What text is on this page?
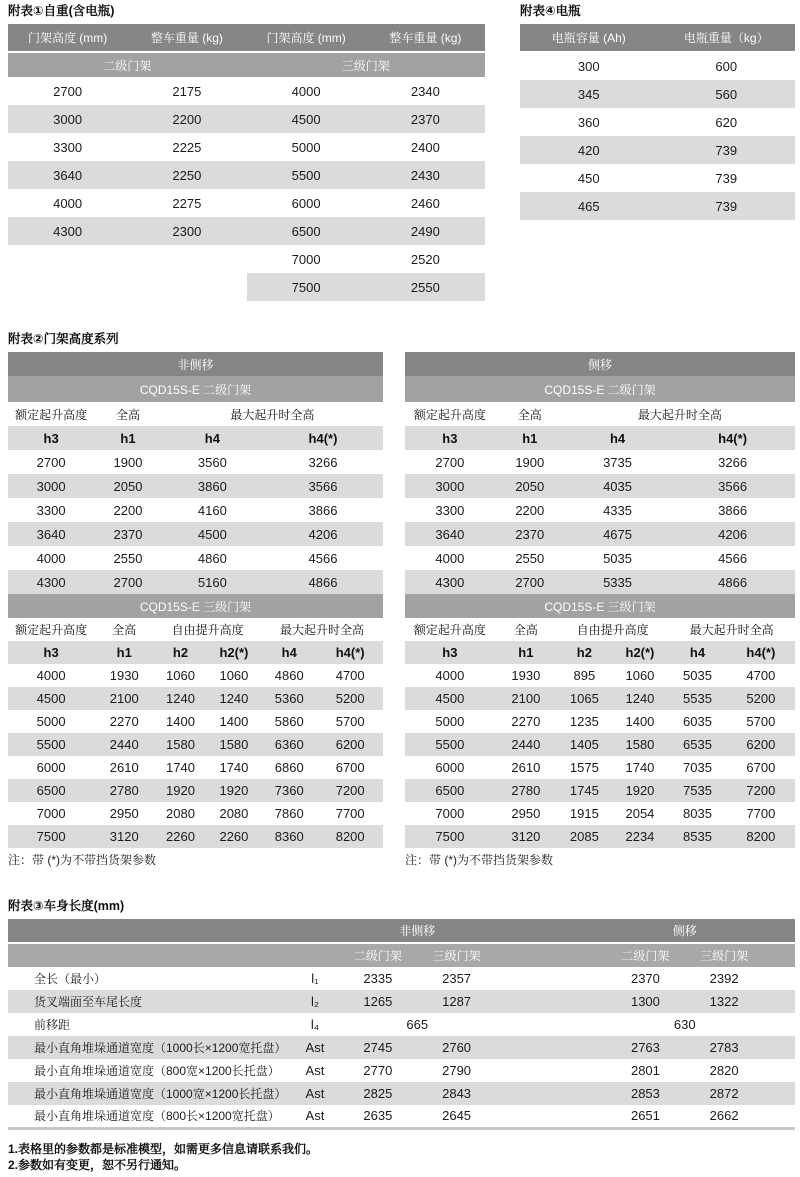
附表①自重(含电瓶)
门架高度 (mm)	整车重量 (kg)	门架高度 (mm)	整车重量 (kg)
二级门架		三级门架	
2700	2175	4000	2340
3000	2200	4500	2370
3300	2225	5000	2400
3640	2250	5500	2430
4000	2275	6000	2460
4300	2300	6500	2490
		7000	2520
		7500	2550
附表④电瓶
电瓶容量 (Ah)	电瓶重量（kg）
300	600
345	560
360	620
420	739
450	739
465	739
附表②门架高度系列
非侧移			
CQD15S-E 二级门架			
额定起升高度	全高	最大起升时全高	
h3	h1	h4	h4(*)
2700	1900	3560	3266
3000	2050	3860	3566
3300	2200	4160	3866
3640	2370	4500	4206
4000	2550	4860	4566
4300	2700	5160	4866
CQD15S-E 三级门架					
额定起升高度	全高	自由提升高度		最大起升时全高	
h3	h1	h2	h2(*)	h4	h4(*)
4000	1930	1060	1060	4860	4700
4500	2100	1240	1240	5360	5200
5000	2270	1400	1400	5860	5700
5500	2440	1580	1580	6360	6200
6000	2610	1740	1740	6860	6700
6500	2780	1920	1920	7360	7200
7000	2950	2080	2080	7860	7700
7500	3120	2260	2260	8360	8200
注：带 (*)为不带挡货架参数
侧移			
CQD15S-E 二级门架			
额定起升高度	全高	最大起升时全高	
h3	h1	h4	h4(*)
2700	1900	3735	3266
3000	2050	4035	3566
3300	2200	4335	3866
3640	2370	4675	4206
4000	2550	5035	4566
4300	2700	5335	4866
CQD15S-E 三级门架					
额定起升高度	全高	自由提升高度		最大起升时全高	
h3	h1	h2	h2(*)	h4	h4(*)
4000	1930	895	1060	5035	4700
4500	2100	1065	1240	5535	5200
5000	2270	1235	1400	6035	5700
5500	2440	1405	1580	6535	6200
6000	2610	1575	1740	7035	6700
6500	2780	1745	1920	7535	7200
7000	2950	1915	2054	8035	7700
7500	3120	2085	2234	8535	8200
注：带 (*)为不带挡货架参数
附表③车身长度(mm)
		非侧移			侧移		
		二级门架	三级门架		二级门架	三级门架	
全长（最小）	l₁	2335	2357		2370	2392	
货叉端面至车尾长度	l₂	1265	1287		1300	1322	
前移距	l₄	665			630		
最小直角堆垛通道宽度（1000长×1200宽托盘）	Ast	2745	2760		2763	2783	
最小直角堆垛通道宽度（800宽×1200长托盘）	Ast	2770	2790		2801	2820	
最小直角堆垛通道宽度（1000宽×1200长托盘）	Ast	2825	2843		2853	2872	
最小直角堆垛通道宽度（800长×1200宽托盘）	Ast	2635	2645		2651	2662	
1.表格里的参数都是标准模型，如需更多信息请联系我们。
2.参数如有变更，恕不另行通知。
